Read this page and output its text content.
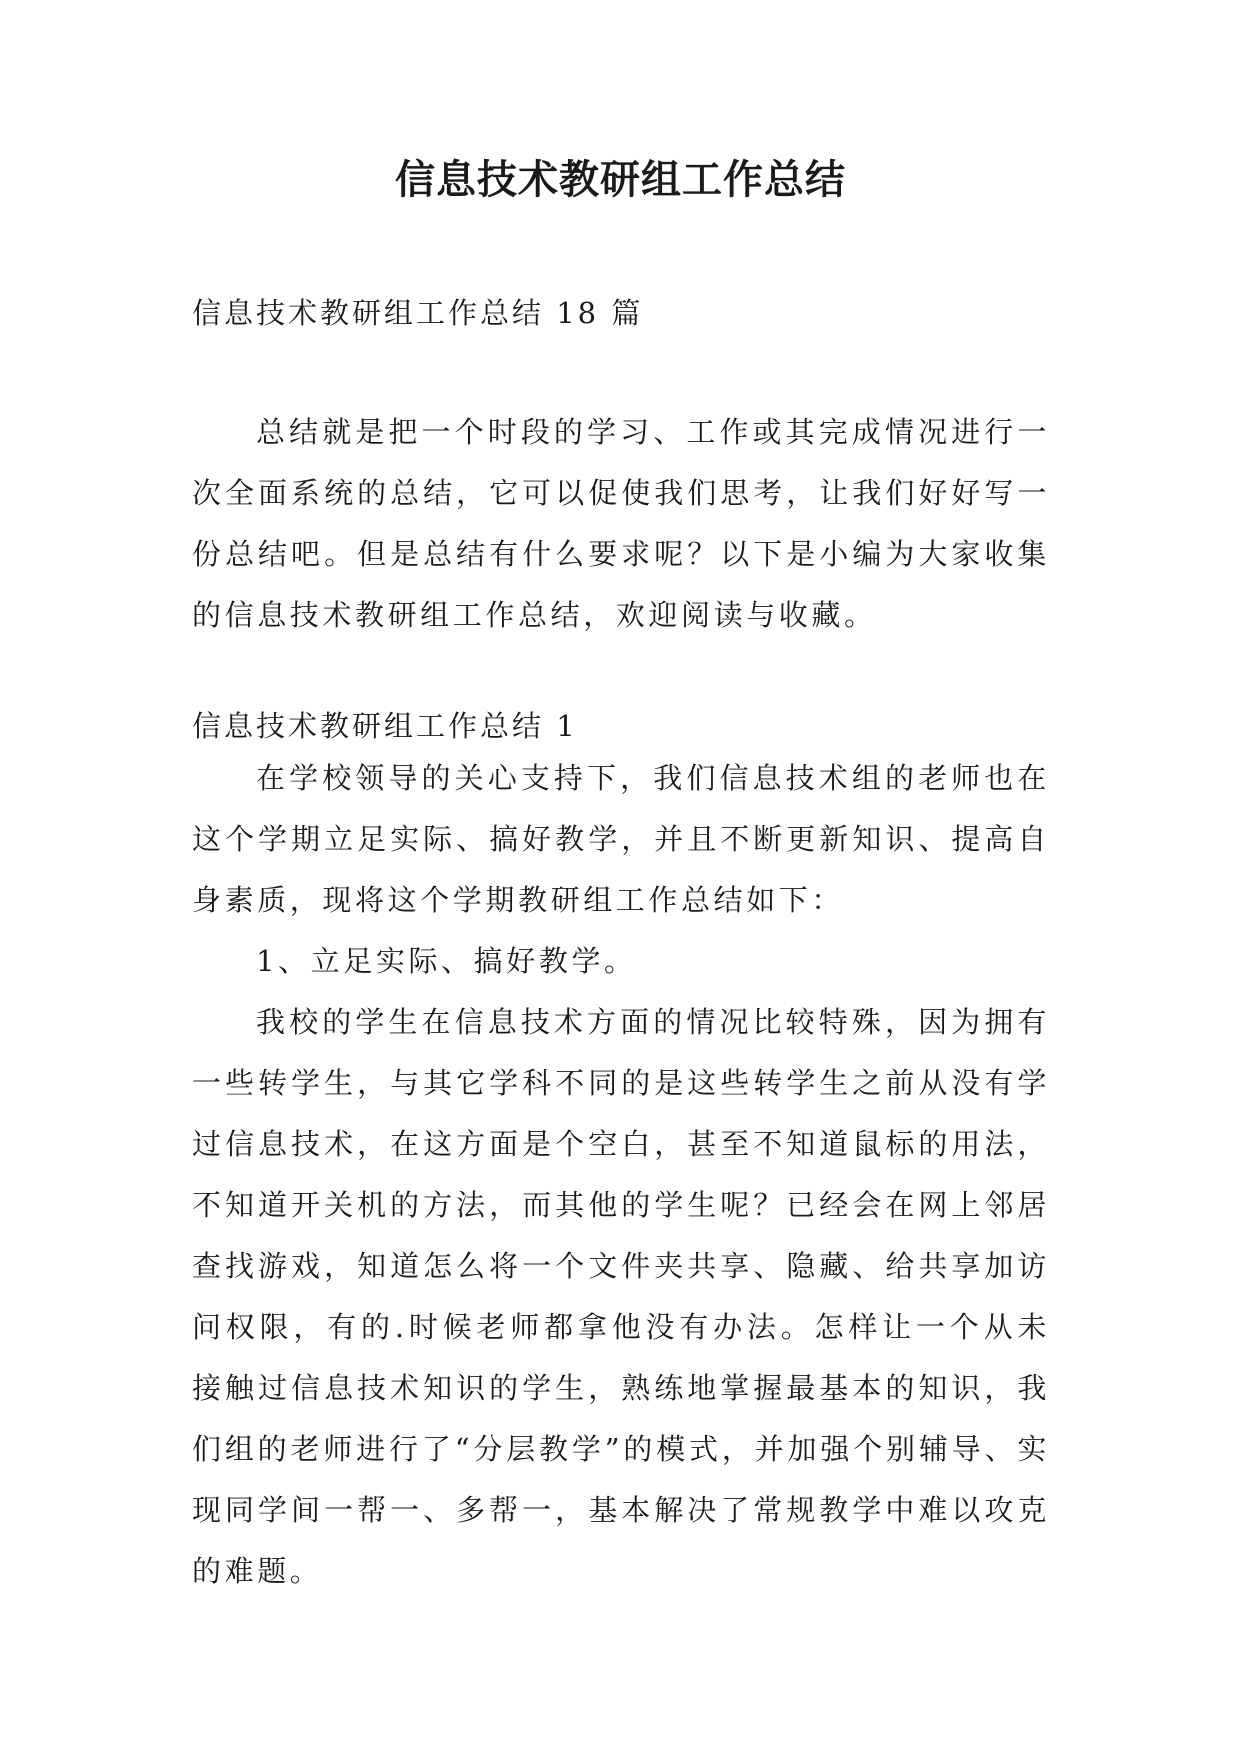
信息技术教研组工作总结
信息技术教研组工作总结 18 篇

总结就是把一个时段的学习、工作或其完成情况进行一次全面系统的总结，它可以促使我们思考，让我们好好写一份总结吧。但是总结有什么要求呢？以下是小编为大家收集的信息技术教研组工作总结，欢迎阅读与收藏。

信息技术教研组工作总结 1

在学校领导的关心支持下，我们信息技术组的老师也在这个学期立足实际、搞好教学，并且不断更新知识、提高自身素质，现将这个学期教研组工作总结如下：

1、立足实际、搞好教学。

我校的学生在信息技术方面的情况比较特殊，因为拥有一些转学生，与其它学科不同的是这些转学生之前从没有学过信息技术，在这方面是个空白，甚至不知道鼠标的用法，不知道开关机的方法，而其他的学生呢？已经会在网上邻居查找游戏，知道怎么将一个文件夹共享、隐藏、给共享加访问权限，有的.时候老师都拿他没有办法。怎样让一个从未接触过信息技术知识的学生，熟练地掌握最基本的知识，我们组的老师进行了“分层教学”的模式，并加强个别辅导、实现同学间一帮一、多帮一，基本解决了常规教学中难以攻克的难题。
